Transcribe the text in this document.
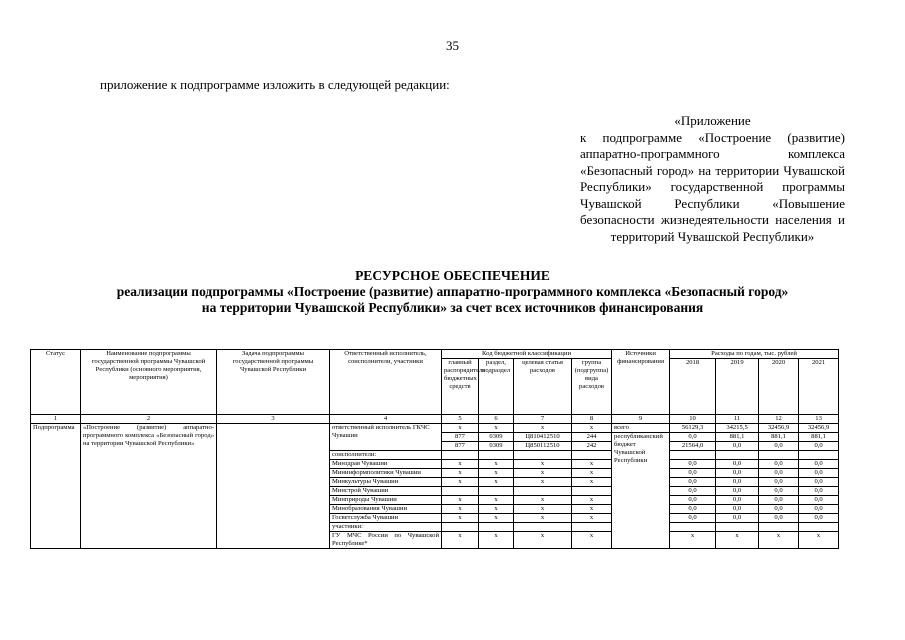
35
приложение к подпрограмме изложить в следующей редакции:
«Приложение
к подпрограмме «Построение (развитие) аппаратно-программного комплекса «Безопасный город» на территории Чувашской Республики» государственной программы Чувашской Республики «Повышение безопасности жизнедеятельности населения и территорий Чувашской Республики»
РЕСУРСНОЕ ОБЕСПЕЧЕНИЕ
реализации подпрограммы «Построение (развитие) аппаратно-программного комплекса «Безопасный город»
на территории Чувашской Республики» за счет всех источников финансирования
Статус	Наименование подпрограммы государственной программы Чувашской Республики (основного мероприятия, мероприятия)	Задача подпрограммы государственной программы Чувашской Республики	Ответственный исполнитель, соисполнители, участники	Код бюджетной классификации				Источники финансирования	Расходы по годам, тыс. рублей				
				главный распорядитель бюджетных средств	раздел, подраздел	целевая статья расходов	группа (подгруппа) вида расходов		2018	2019	2020	2021	
1	2	3	4	5	6	7	8	9	10	11	12	13	
Подпрограмма	«Построение (развитие) аппаратно-программного комплекса «Безопасный город» на территории Чувашской Республики»		ответственный исполнитель ГКЧС Чувашии	x	x	x	x	всего	56129,3	34215,5	32456,9	32456,9	
				877	0309	Ц810412510	244	республиканский бюджет Чувашской Республики	0,0	881,1	881,1	881,1	
				877	0309	Ц850112510	242		21564,0	0,0	0,0	0,0	
			соисполнители:										
			Минздрав Чувашии	x	x	x	x		0,0	0,0	0,0	0,0	
			Мининформполитики Чувашии	x	x	x	x		0,0	0,0	0,0	0,0	
			Минкультуры Чувашии	x	x	x	x		0,0	0,0	0,0	0,0	
			Минстрой Чувашии						0,0	0,0	0,0	0,0	
			Минприроды Чувашии	x	x	x	x		0,0	0,0	0,0	0,0	
			Минобразования Чувашии	x	x	x	x		0,0	0,0	0,0	0,0	
			Госветслужба Чувашии	x	x	x	x		0,0	0,0	0,0	0,0	
			участники:										
			ГУ МЧС России по Чувашской Республике*	x	x	x	x		x	x	x	x	
